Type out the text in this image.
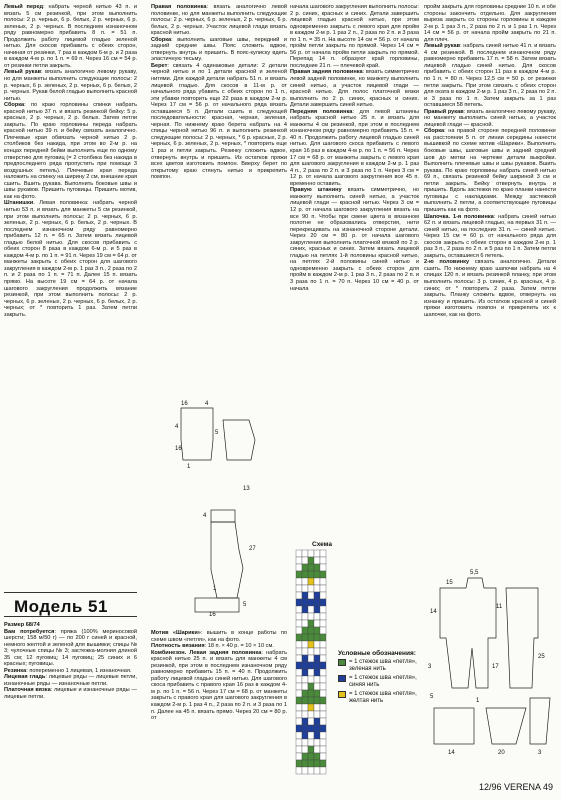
Левый перед: набрать черной нитью 43 п. и вязать 5 см резинкой, при этом выполнить полосы: 2 р. черных, 6 р. белых, 2 р. черных, 6 р. зеленых, 2 р. черных. В последнем изнаночном ряду равномерно прибавить 8 п. = 51 п. Продолжить работу лицевой гладью зеленой нитью. Для скосов прибавить с обеих сторон, начиная от резинки, 7 раз в каждом 6-м р. и 2 раза в каждом 4-м р. по 1 п. = 69 п. Через 16 см = 54 р. от резинки петли закрыть.

Левый рукав: вязать аналогично левому рукаву, но для манжеты выполнить следующие полосы: 2 р. черных, 6 р. зеленых, 2 р. черных, 6 р. белых, 2 р. черных. Рукав белой гладью выполнить красной нитью.

Сборка: по краю горловины спинки набрать красной нитью 37 п. и вязать резинкой бейку: 5 р. красных, 2 р. черных, 2 р. белых. Затем петли закрыть. По краю горловины переда набрать красной нитью 39 п. и бейку связать аналогично. Плечевые края обвязать черной нитью 2 р. столбиков без накида, при этом во 2-м р. на концах передней бейки выполнить еще по одному отверстию для пуговиц (= 2 столбика без накида в предпоследнего ряда пропустить при помощи 3 воздушных петель). Плечевые края переда наложить на спинку на ширину 2 см, внешние края сшить. Вшить рукава. Выполнить боковые швы и швы рукавов. Пришить пуговицы. Пришить мотив, как на фото.

Штанишки. Левая половинка: набрать черной нитью 53 п. и вязать для манжеты 5 см резинкой, при этом выполнить полосы: 2 р. черных, 6 р. зеленых, 2 р. черных, 6 р. белых, 2 р. черных. В последнем изнаночном ряду равномерно прибавить 12 п. = 65 п. Затем вязать лицевой гладью белой нитью. Для скосов прибавить с обеих сторон 8 раза в каждом 6-м р. и 5 раз в каждом 4-м р. по 1 п. = 91 п. Через 19 см = 64 р. от манжеты закрыть с обеих сторон для шагового закругления в каждом 2-м р. 1 раз 3 п., 2 раза по 2 п. и 2 раза по 1 п. = 71 п. Далее 15 п. вязать прямо. На высоте 19 см = 64 р. от начала шагового закругления продолжить вязание резинкой, при этом выполнить полосы: 2 р. черных, 6 р. зеленых, 2 р. черных, 6 р. белых, 2 р. черных; от * повторить 1 раз. Затем петли закрыть.

Правая половинка: вязать аналогично левой половинке, но для манжеты выполнить следующие полосы: 2 р. черных, 6 р. зеленых, 2 р. черных, 6 р. белых, 2 р. черных. Участок лицевой глади вязать красной нитью.

Сборка: выполнить шаговые швы, передний и задний средние швы. Пояс сложить вдвое, отвернуть внутрь и пришить. В пояс-кулиску вдеть эластичную тесьму.

Берет: связать 4 одинаковые детали: 2 детали черной нитью и по 1 детали красной и зеленой нитями. Для каждой детали набрать 51 п. и вязать лицевой гладью. Для скосов в 11-м р. от начального ряда убавить с обеих сторон по 1 п., эти убавки повторить еще 22 раза в каждом 2-м р. Через 17 см = 56 р. от начального ряда вязать оставшиеся 5 п. Детали сшить в следующей последовательности: красная, черная, зеленая, черная. По нижнему краю берета набрать на 4 спицы черной нитью 96 п. и выполнить резинкой следующие полосы: 2 р. черных, * 6 р. красных, 2 р. черных, 6 р. зеленых, 2 р. черных, * повторить еще 1 раз и петли закрыть. Резинку сложить вдвое, отвернуть внутрь и пришить. Из остатков пряжи всех цветов изготовить помпон. Вверху берет по открытому краю стянуть нитью и прикрепить помпон.

начала шагового закругления выполнить полосы: 2 р. синих, красных и синих. Детали завершить лицевой гладью красной нитью, при этом одновременно закрыть с левого края для пройм в каждом 2-м р. 1 раз 2 п., 2 раза по 2 п. и 3 раза по 1 п. = 35 п. На высоте 14 см = 56 р. от начала пройм петли закрыть по прямой. Через 14 см = 56 р. от начала пройм петли закрыть по прямой. Перепад 14 п. образуют край горловины, последние 21 п. — плечевой край.

Правая задняя половинка: вязать симметрично левой задней половинке, но манжету выполнить синей нитью, а участок лицевой глади — красной нитью. Для полос платочной вязки выполнить по 2 р. синих, красных и синих. Детали завершить синей нитью.

Передняя половинка: для левой штанины набрать красной нитью 25 п. и вязать для манжеты 4 см резинкой, при этом в последнем изнаночном ряду равномерно прибавить 15 п. = 40 п. Продолжить работу лицевой гладью синей нитью. Для шагового скоса прибавить с левого края 16 раз в каждом 4-м р. по 1 п. = 56 п. Через 17 см = 68 р. от манжеты закрыть с левого края для шагового закругления в каждом 2-м р. 1 раз 4 п., 2 раза по 2 п. и 3 раза по 1 п. Через 3 см = 12 р. от начала шагового закругления все 45 п. временно оставить.

Правую штанину вязать симметрично, но манжету выполнить синей нитью, а участок лицевой глади — красной нитью. Через 3 см = 12 р. от начала шагового закругления вязать на все 90 п. Чтобы при смене цвета в вязанном полотне не образовались отверстия, нити перекрещивать на изнаночной стороне детали. Через 20 см = 80 р. от начала шагового закругления выполнить платочной вязкой по 2 р. синих, красных и синих. Затем вязать лицевой гладью на петлях 1-й половины красной нитью, на петлях 2-й половины синей нитью и одновременно закрыть с обеих сторон для пройм в каждом 2-м р. 1 раз 3 п., 2 раза по 2 п. и 3 раза по 1 п. = 70 п. Через 10 см = 40 р. от начала

пройм закрыть для горловины средние 10 п. и обе стороны закончить отдельно. Для закругления выреза закрыть со стороны горловины в каждом 2-м р. 1 раз 3 п., 2 раза по 2 п. и 1 раз 1 п. Через 14 см = 56 р. от начала пройм закрыть по 21 п. для плеч.

Левый рукав: набрать синей нитью 41 п. и вязать 4 см резинкой. В последнем изнаночном ряду равномерно прибавить 17 п. = 58 п. Затем вязать лицевой гладью синей нитью. Для скосов прибавить с обеих сторон 11 раз в каждом 4-м р. по 1 п. = 80 п. Через 12,5 см = 50 р. от резинки петли закрыть. При этом связать с обеих сторон для оката в каждом 2-м р. 1 раз 3 п., 2 раза по 2 п. и 3 раза по 1 п. Затем закрыть за 1 раз оставшиеся 58 петель.

Правый рукав: вязать аналогично левому рукаву, но манжету выполнить синей нитью, а участок лицевой глади — красной.

Сборка: на правой стороне передней половинке на расстоянии 5 п. от линии середины нанести вышивкой по схеме мотив «Шарики». Выполнить боковые швы, шаговые швы и задний средний шов до метки на чертеже детали выкройки. Выполнить плечевые швы и швы рукавов. Вшить рукава. По краю горловины набрать синей нитью 69 п., связать резинкой бейку шириной 3 см и петли закрыть. Бейку отвернуть внутрь и пришить. Вдоль застежки по краю планки нанести пуговицы с накладками. Между застежкой выполнить 2 петли, а соответствующие пуговицы пришить как на фото.

Шапочка. 1-я половинка: набрать синей нитью 62 п. и вязать лицевой гладью, на первых 31 п. — синей нитью, на последних 31 п. — синей нитью. Через 15 см = 60 р. от начального ряда для скосов закрыть с обеих сторон в каждом 2-м р. 1 раз 3 п., 2 раза по 2 п. и 5 раз по 1 п. Затем петли закрыть, оставшиеся 6 петель.

2-ю половинку связать аналогично. Детали сшить. По нижнему краю шапочки набрать на 4 спицах 120 п. и вязать резинкой планку, при этом выполнить полосы: 3 р. синих, 4 р. красных, 4 р. синих; от * повторить 2 раза. Затем петли закрыть. Планку сложить вдвое, отвернуть на изнанку и пришить. Из остатков красной и синей пряжи изготовить помпон и прикрепить их к шапочке, как на фото.

Модель 51

Размер 68/74

Вам потребуется: пряжа (100% мериносовой шерсти; 158 м/50 г) — по 200 г синей и красной, немного желтой и зеленой для вышивки; спицы № 3; чулочные спицы № 3; застежка-молния длиной 35 см; 12 пуговиц; 14 пуговиц; 25 синих и 6 красных; пуговицы.

Резинка: попеременно 1 лицевая, 1 изнаночная.

Лицевая гладь: лицевые ряды — лицевые петли, изнаночные ряды — изнаночные петли.

Платочная вязка: лицевые и изнаночные ряды — лицевые петли.

Мотив «Шарики»: вышить в конце работы по схеме швом «петля», как на фото.

Плотность вязания: 18 п. × 40 р. = 10 × 10 см.

Комбинезон. Левая задняя половинка: набрать красной нитью 25 п. и вязать для манжеты 4 см резинкой, при этом в последнем изнаночном ряду равномерно прибавить 15 п. = 40 п. Продолжить работу лицевой гладью синей нитью. Для шагового скоса прибавить с правого края 16 раз в каждом 4-м р. по 1 п. = 56 п. Через 17 см = 68 р. от манжеты закрыть с правого края для шагового закругления в каждом 2-м р. 1 раз 4 п., 2 раза по 2 п. и 3 раза по 1 п. Далее на 45 п. вязать прямо. Через 20 см = 80 р. от

16	4
4
5
16
1
13
4
27
1
16
5
Схема
Условные обозначения:
= 1 стежок шва «петля», зеленая нить
= 1 стежок шва «петля», синяя нить
= 1 стежок шва «петля», желтая нить
15
11
14
5,5
25
3	17
5
14	3
20
1
12/96 VERENA 49
